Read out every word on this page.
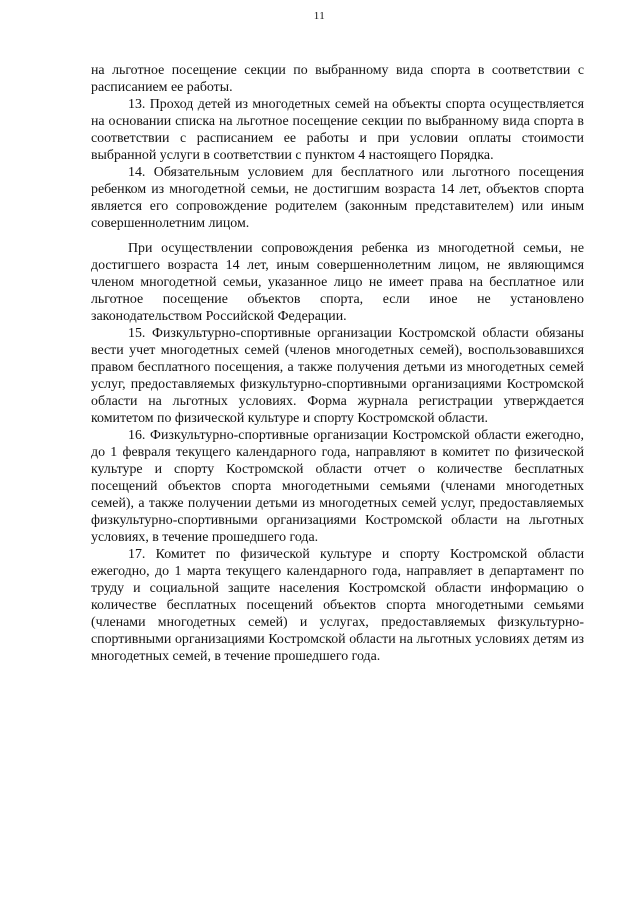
11

на льготное посещение секции по выбранному вида спорта в соответствии с расписанием ее работы.

13. Проход детей из многодетных семей на объекты спорта осуществляется на основании списка на льготное посещение секции по выбранному вида спорта в соответствии с расписанием ее работы и при условии оплаты стоимости выбранной услуги в соответствии с пунктом 4 настоящего Порядка.

14. Обязательным условием для бесплатного или льготного посещения ребенком из многодетной семьи, не достигшим возраста 14 лет, объектов спорта является его сопровождение родителем (законным представителем) или иным совершеннолетним лицом.

При осуществлении сопровождения ребенка из многодетной семьи, не достигшего возраста 14 лет, иным совершеннолетним лицом, не являющимся членом многодетной семьи, указанное лицо не имеет права на бесплатное или льготное посещение объектов спорта, если иное не установлено законодательством Российской Федерации.

15. Физкультурно-спортивные организации Костромской области обязаны вести учет многодетных семей (членов многодетных семей), воспользовавшихся правом бесплатного посещения, а также получения детьми из многодетных семей услуг, предоставляемых физкультурно-спортивными организациями Костромской области на льготных условиях. Форма журнала регистрации утверждается комитетом по физической культуре и спорту Костромской области.

16. Физкультурно-спортивные организации Костромской области ежегодно, до 1 февраля текущего календарного года, направляют в комитет по физической культуре и спорту Костромской области отчет о количестве бесплатных посещений объектов спорта многодетными семьями (членами многодетных семей), а также получении детьми из многодетных семей услуг, предоставляемых физкультурно-спортивными организациями Костромской области на льготных условиях, в течение прошедшего года.

17. Комитет по физической культуре и спорту Костромской области ежегодно, до 1 марта текущего календарного года, направляет в департамент по труду и социальной защите населения Костромской области информацию о количестве бесплатных посещений объектов спорта многодетными семьями (членами многодетных семей) и услугах, предоставляемых физкультурно-спортивными организациями Костромской области на льготных условиях детям из многодетных семей, в течение прошедшего года.
